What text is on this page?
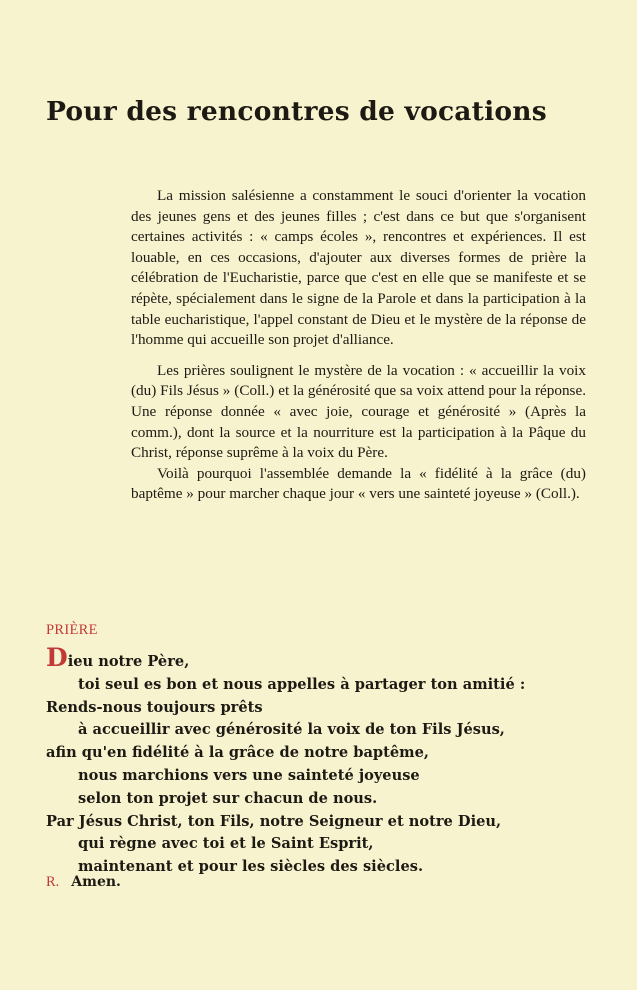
Pour des rencontres de vocations

La mission salésienne a constamment le souci d'orienter la vocation des jeunes gens et des jeunes filles ; c'est dans ce but que s'organisent certaines activités : « camps écoles », rencontres et expériences. Il est louable, en ces occasions, d'ajouter aux diverses formes de prière la célébration de l'Eucharistie, parce que c'est en elle que se manifeste et se répète, spécialement dans le signe de la Parole et dans la participation à la table eucharistique, l'appel constant de Dieu et le mystère de la réponse de l'homme qui accueille son projet d'alliance.

Les prières soulignent le mystère de la vocation : « accueillir la voix (du) Fils Jésus » (Coll.) et la générosité que sa voix attend pour la réponse. Une réponse donnée « avec joie, courage et générosité » (Après la comm.), dont la source et la nourriture est la participation à la Pâque du Christ, réponse suprême à la voix du Père.

Voilà pourquoi l'assemblée demande la « fidélité à la grâce (du) baptême » pour marcher chaque jour « vers une sainteté joyeuse » (Coll.).

PRIÈRE
Dieu notre Père,
toi seul es bon et nous appelles à partager ton amitié :
Rends-nous toujours prêts
à accueillir avec générosité la voix de ton Fils Jésus,
afin qu'en fidélité à la grâce de notre baptême,
nous marchions vers une sainteté joyeuse
selon ton projet sur chacun de nous.
Par Jésus Christ, ton Fils, notre Seigneur et notre Dieu,
qui règne avec toi et le Saint Esprit,
maintenant et pour les siècles des siècles.
R. Amen.
